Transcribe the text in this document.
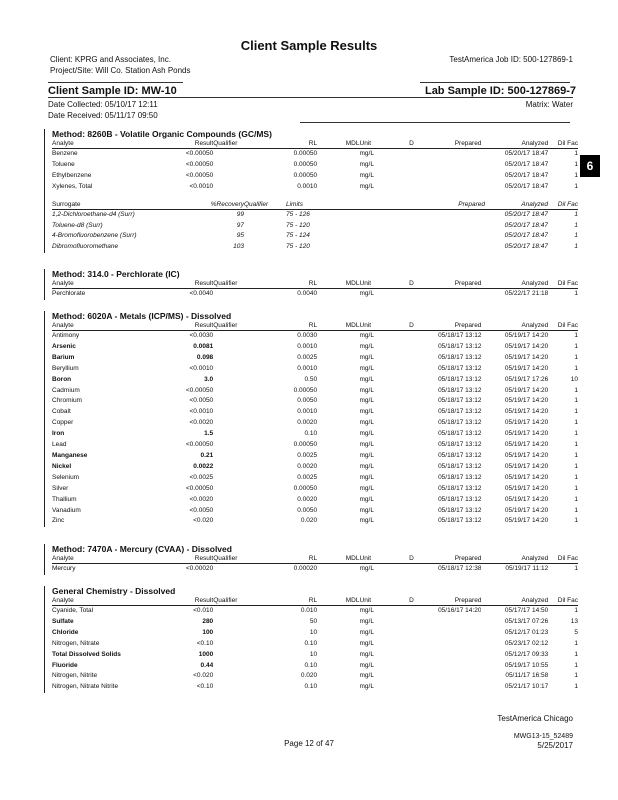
Client Sample Results
Client: KPRG and Associates, Inc.
Project/Site: Will Co. Station Ash Ponds
TestAmerica Job ID: 500-127869-1
Client Sample ID: MW-10	Lab Sample ID: 500-127869-7
Date Collected: 05/10/17 12:11
Date Received: 05/11/17 09:50
Matrix: Water
6
Method: 8260B - Volatile Organic Compounds (GC/MS)
Analyte	Result	Qualifier	RL	MDL	Unit	D	Prepared	Analyzed	Dil Fac
Benzene	<0.00050		0.00050		mg/L			05/20/17 18:47	1
Toluene	<0.00050		0.00050		mg/L			05/20/17 18:47	1
Ethylbenzene	<0.00050		0.00050		mg/L			05/20/17 18:47	1
Xylenes, Total	<0.0010		0.0010		mg/L			05/20/17 18:47	1
Surrogate	%Recovery	Qualifier	Limits	Prepared	Analyzed	Dil Fac
1,2-Dichloroethane-d4 (Surr)	99		75 - 126		05/20/17 18:47	1
Toluene-d8 (Surr)	97		75 - 120		05/20/17 18:47	1
4-Bromofluorobenzene (Surr)	95		75 - 124		05/20/17 18:47	1
Dibromofluoromethane	103		75 - 120		05/20/17 18:47	1
Method: 314.0 - Perchlorate (IC)
Analyte	Result	Qualifier	RL	MDL	Unit	D	Prepared	Analyzed	Dil Fac
Perchlorate	<0.0040		0.0040		mg/L			05/22/17 21:18	1
Method: 6020A - Metals (ICP/MS) - Dissolved
Analyte	Result	Qualifier	RL	MDL	Unit	D	Prepared	Analyzed	Dil Fac
Antimony	<0.0030		0.0030		mg/L		05/18/17 13:12	05/19/17 14:20	1
Arsenic	0.0081		0.0010		mg/L		05/18/17 13:12	05/19/17 14:20	1
Barium	0.098		0.0025		mg/L		05/18/17 13:12	05/19/17 14:20	1
Beryllium	<0.0010		0.0010		mg/L		05/18/17 13:12	05/19/17 14:20	1
Boron	3.0		0.50		mg/L		05/18/17 13:12	05/19/17 17:26	10
Cadmium	<0.00050		0.00050		mg/L		05/18/17 13:12	05/19/17 14:20	1
Chromium	<0.0050		0.0050		mg/L		05/18/17 13:12	05/19/17 14:20	1
Cobalt	<0.0010		0.0010		mg/L		05/18/17 13:12	05/19/17 14:20	1
Copper	<0.0020		0.0020		mg/L		05/18/17 13:12	05/19/17 14:20	1
Iron	1.5		0.10		mg/L		05/18/17 13:12	05/19/17 14:20	1
Lead	<0.00050		0.00050		mg/L		05/18/17 13:12	05/19/17 14:20	1
Manganese	0.21		0.0025		mg/L		05/18/17 13:12	05/19/17 14:20	1
Nickel	0.0022		0.0020		mg/L		05/18/17 13:12	05/19/17 14:20	1
Selenium	<0.0025		0.0025		mg/L		05/18/17 13:12	05/19/17 14:20	1
Silver	<0.00050		0.00050		mg/L		05/18/17 13:12	05/19/17 14:20	1
Thallium	<0.0020		0.0020		mg/L		05/18/17 13:12	05/19/17 14:20	1
Vanadium	<0.0050		0.0050		mg/L		05/18/17 13:12	05/19/17 14:20	1
Zinc	<0.020		0.020		mg/L		05/18/17 13:12	05/19/17 14:20	1
Method: 7470A - Mercury (CVAA) - Dissolved
Analyte	Result	Qualifier	RL	MDL	Unit	D	Prepared	Analyzed	Dil Fac
Mercury	<0.00020		0.00020		mg/L		05/18/17 12:38	05/19/17 11:12	1
General Chemistry - Dissolved
Analyte	Result	Qualifier	RL	MDL	Unit	D	Prepared	Analyzed	Dil Fac
Cyanide, Total	<0.010		0.010		mg/L		05/16/17 14:20	05/17/17 14:50	1
Sulfate	280		50		mg/L			05/13/17 07:26	13
Chloride	100		10		mg/L			05/12/17 01:23	5
Nitrogen, Nitrate	<0.10		0.10		mg/L			05/23/17 02:12	1
Total Dissolved Solids	1000		10		mg/L			05/12/17 09:33	1
Fluoride	0.44		0.10		mg/L			05/19/17 10:55	1
Nitrogen, Nitrite	<0.020		0.020		mg/L			05/11/17 16:58	1
Nitrogen, Nitrate Nitrite	<0.10		0.10		mg/L			05/21/17 10:17	1
TestAmerica Chicago
MWG13-15_52489
Page 12 of 47	5/25/2017
